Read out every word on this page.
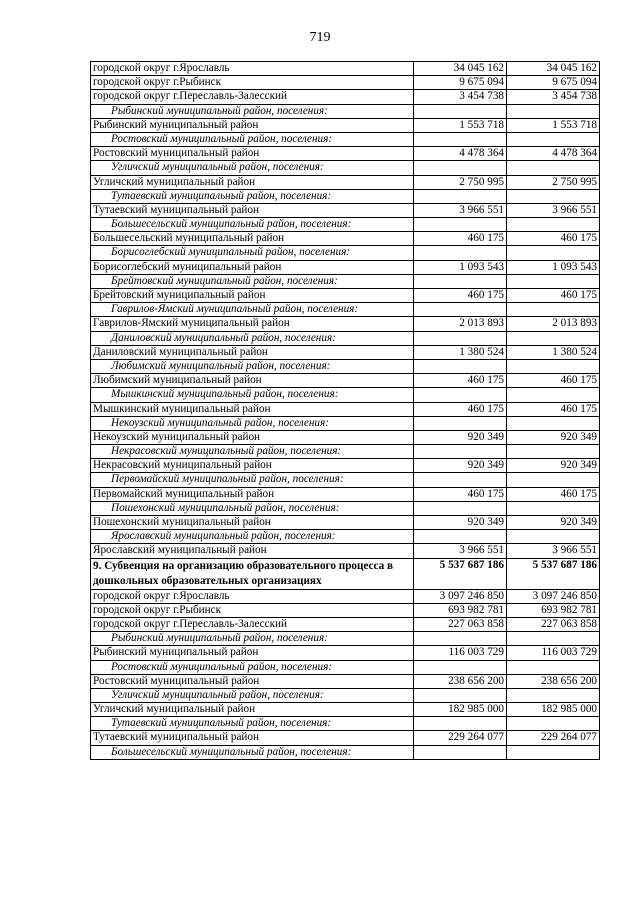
719
городской округ г.Ярославль	34 045 162	34 045 162
городской округ г.Рыбинск	9 675 094	9 675 094
городской округ г.Переславль-Залесский	3 454 738	3 454 738
Рыбинский муниципальный район, поселения:		
Рыбинский муниципальный район	1 553 718	1 553 718
Ростовский муниципальный район, поселения:		
Ростовский муниципальный район	4 478 364	4 478 364
Угличский муниципальный район, поселения:		
Угличский муниципальный район	2 750 995	2 750 995
Тутаевский муниципальный район, поселения:		
Тутаевский муниципальный район	3 966 551	3 966 551
Большесельский муниципальный район, поселения:		
Большесельский муниципальный район	460 175	460 175
Борисоглебский муниципальный район, поселения:		
Борисоглебский муниципальный район	1 093 543	1 093 543
Брейтовский муниципальный район, поселения:		
Брейтовский муниципальный район	460 175	460 175
Гаврилов-Ямский муниципальный район, поселения:		
Гаврилов-Ямский муниципальный район	2 013 893	2 013 893
Даниловский муниципальный район, поселения:		
Даниловский муниципальный район	1 380 524	1 380 524
Любимский муниципальный район, поселения:		
Любимский муниципальный район	460 175	460 175
Мышкинский муниципальный район, поселения:		
Мышкинский муниципальный район	460 175	460 175
Некоузский муниципальный район, поселения:		
Некоузский муниципальный район	920 349	920 349
Некрасовский муниципальный район, поселения:		
Некрасовский муниципальный район	920 349	920 349
Первомайский муниципальный район, поселения:		
Первомайский муниципальный район	460 175	460 175
Пошехонский муниципальный район, поселения:		
Пошехонский муниципальный район	920 349	920 349
Ярославский муниципальный район, поселения:		
Ярославский муниципальный район	3 966 551	3 966 551
9. Субвенция на организацию образовательного процесса в дошкольных образовательных организациях	5 537 687 186	5 537 687 186
городской округ г.Ярославль	3 097 246 850	3 097 246 850
городской округ г.Рыбинск	693 982 781	693 982 781
городской округ г.Переславль-Залесский	227 063 858	227 063 858
Рыбинский муниципальный район, поселения:		
Рыбинский муниципальный район	116 003 729	116 003 729
Ростовский муниципальный район, поселения:		
Ростовский муниципальный район	238 656 200	238 656 200
Угличский муниципальный район, поселения:		
Угличский муниципальный район	182 985 000	182 985 000
Тутаевский муниципальный район, поселения:		
Тутаевский муниципальный район	229 264 077	229 264 077
Большесельский муниципальный район, поселения:		
